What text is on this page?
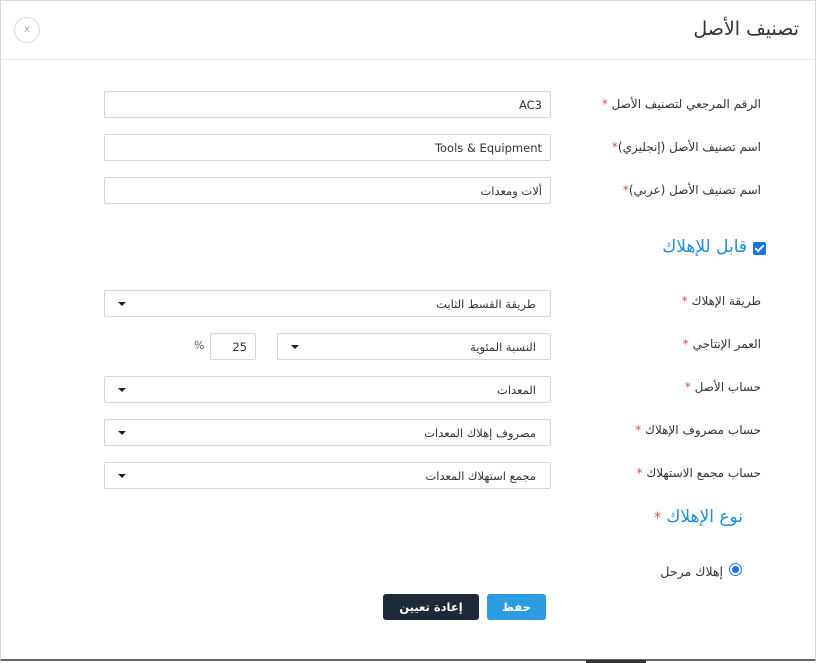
تصنيف الأصل
x
الرقم المرجعي لتصنيف الأصل *
AC3
اسم تصنيف الأصل (إنجليزي)*
Tools & Equipment
اسم تصنيف الأصل (عربي)*
ألات ومعدات
قابل للإهلاك
طريقة الإهلاك *
طريقة القسط الثابت
العمر الإنتاجي *
النسبة المئوية
25
%
حساب الأصل *
المعدات
حساب مصروف الإهلاك *
مصروف إهلاك المعدات
حساب مجمع الاستهلاك *
مجمع استهلاك المعدات
نوع الإهلاك *
إهلاك مرحل
حفظ
إعادة تعيين
